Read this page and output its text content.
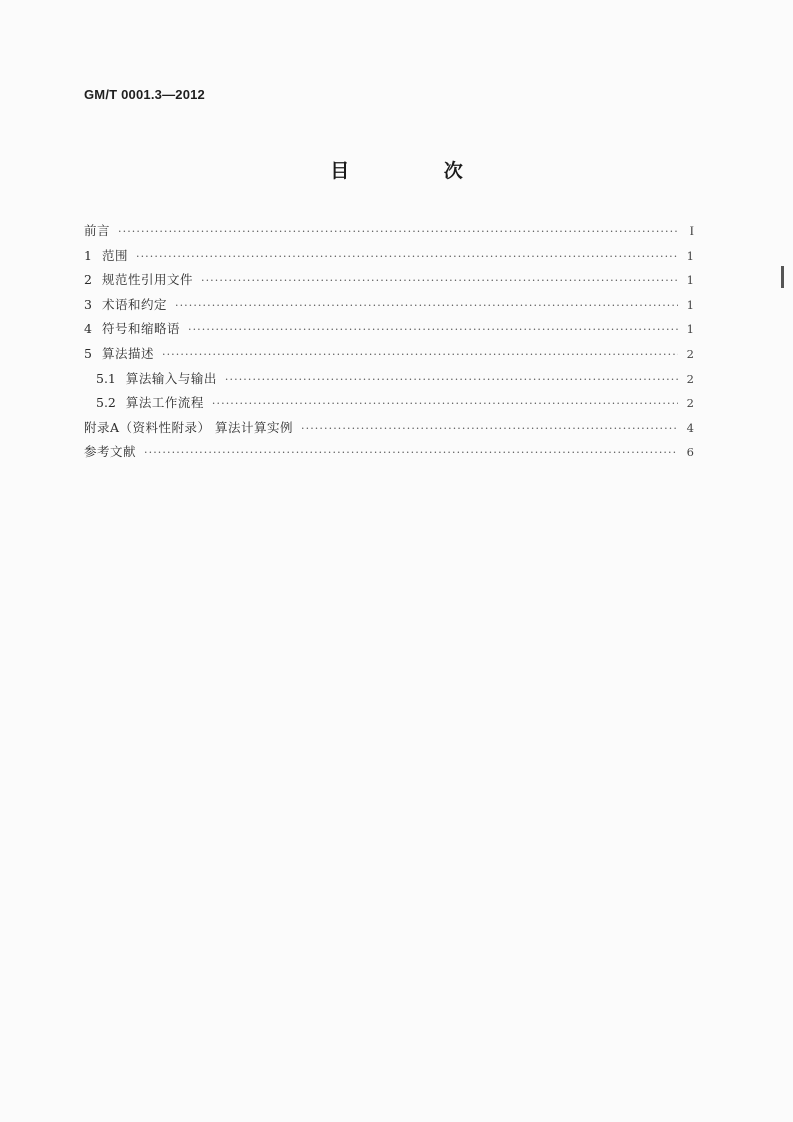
GM/T 0001.3—2012
目 次
前言 ·····	I
1 范围 ·····	1
2 规范性引用文件 ·····	1
3 术语和约定 ·····	1
4 符号和缩略语 ·····	1
5 算法描述 ·····	2
5.1 算法输入与输出 ·····	2
5.2 算法工作流程 ·····	2
附录A（资料性附录） 算法计算实例 ·····	4
参考文献 ·····	6
